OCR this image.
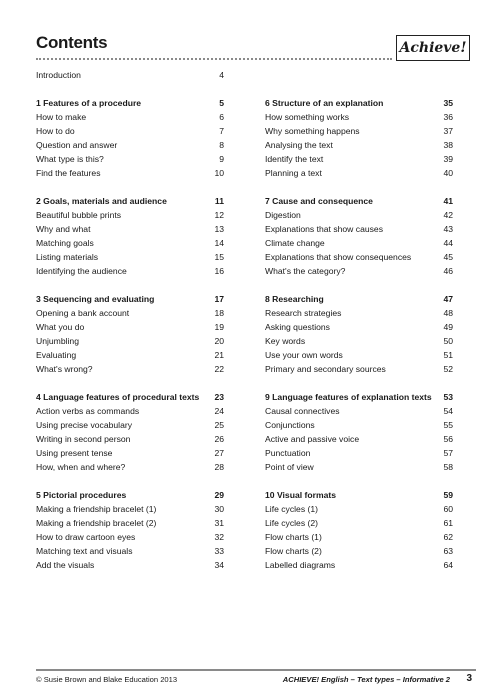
Contents	Achieve!
Introduction	4
1 Features of a procedure	5
How to make	6
How to do	7
Question and answer	8
What type is this?	9
Find the features	10
2 Goals, materials and audience	11
Beautiful bubble prints	12
Why and what	13
Matching goals	14
Listing materials	15
Identifying the audience	16
3 Sequencing and evaluating	17
Opening a bank account	18
What you do	19
Unjumbling	20
Evaluating	21
What's wrong?	22
4 Language features of procedural texts 23
Action verbs as commands	24
Using precise vocabulary	25
Writing in second person	26
Using present tense	27
How, when and where?	28
5 Pictorial procedures	29
Making a friendship bracelet (1)	30
Making a friendship bracelet (2)	31
How to draw cartoon eyes	32
Matching text and visuals	33
Add the visuals	34
6 Structure of an explanation	35
How something works	36
Why something happens	37
Analysing the text	38
Identify the text	39
Planning a text	40
7 Cause and consequence	41
Digestion	42
Explanations that show causes	43
Climate change	44
Explanations that show consequences	45
What's the category?	46
8 Researching	47
Research strategies	48
Asking questions	49
Key words	50
Use your own words	51
Primary and secondary sources	52
9 Language features of explanation texts 53
Causal connectives	54
Conjunctions	55
Active and passive voice	56
Punctuation	57
Point of view	58
10 Visual formats	59
Life cycles (1)	60
Life cycles (2)	61
Flow charts (1)	62
Flow charts (2)	63
Labelled diagrams	64
© Susie Brown and Blake Education 2013	ACHIEVE! English – Text types – Informative 2 3
